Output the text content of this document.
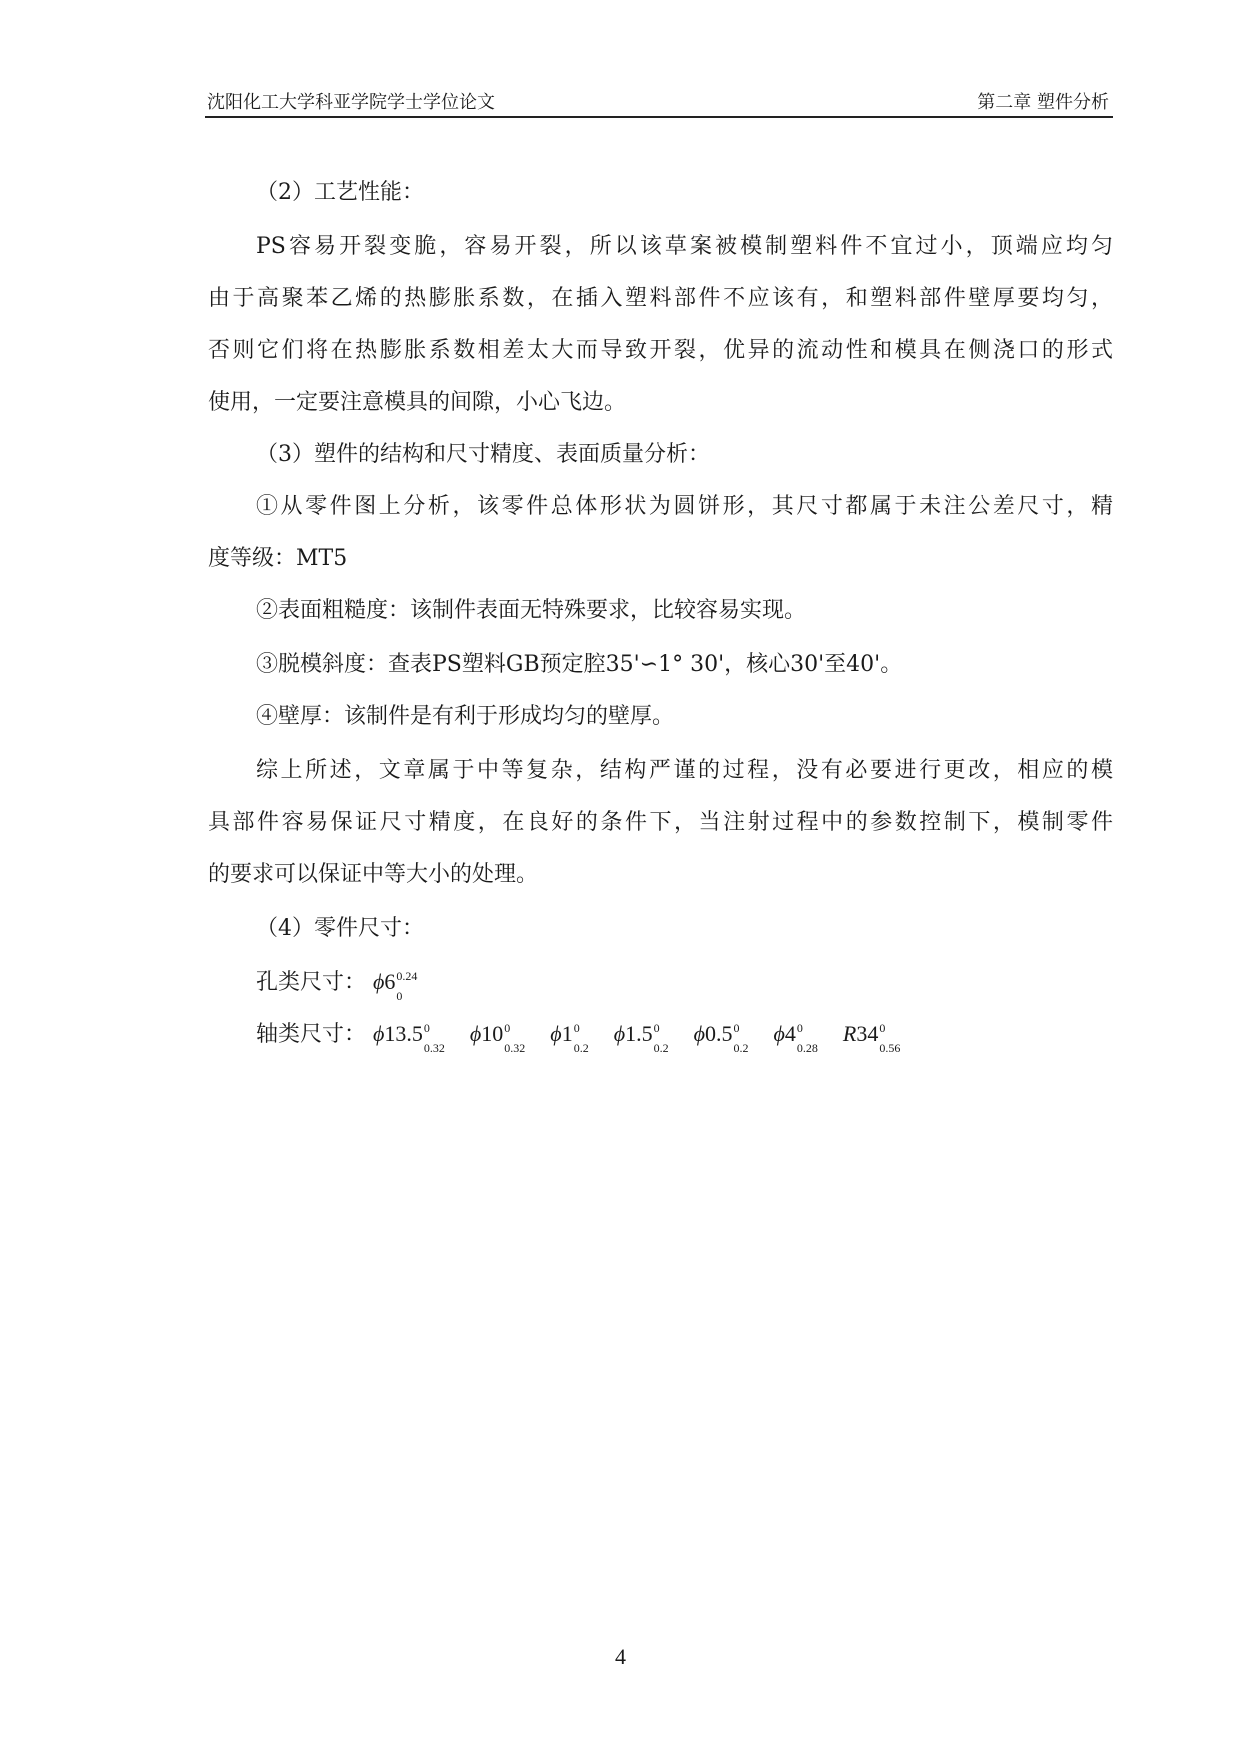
沈阳化工大学科亚学院学士学位论文	第二章 塑件分析
（2）工艺性能：
PS容易开裂变脆，容易开裂，所以该草案被模制塑料件不宜过小，顶端应均匀
由于高聚苯乙烯的热膨胀系数，在插入塑料部件不应该有，和塑料部件壁厚要均匀，
否则它们将在热膨胀系数相差太大而导致开裂，优异的流动性和模具在侧浇口的形式
使用，一定要注意模具的间隙，小心飞边。
（3）塑件的结构和尺寸精度、表面质量分析：
①从零件图上分析，该零件总体形状为圆饼形，其尺寸都属于未注公差尺寸，精
度等级：MT5
②表面粗糙度：该制件表面无特殊要求，比较容易实现。
③脱模斜度：查表PS塑料GB预定腔35'∽1° 30'，核心30'至40'。
④壁厚：该制件是有利于形成均匀的壁厚。
综上所述，文章属于中等复杂，结构严谨的过程，没有必要进行更改，相应的模
具部件容易保证尺寸精度，在良好的条件下，当注射过程中的参数控制下，模制零件
的要求可以保证中等大小的处理。
（4）零件尺寸：
孔类尺寸： ϕ6 0.24
0
轴类尺寸： ϕ13.5 0
0.32
ϕ10 0
0.32
ϕ1 0
0.2
ϕ1.5 0
0.2
ϕ0.5 0
0.2
ϕ4 0
0.28
R34 0
0.56
4
